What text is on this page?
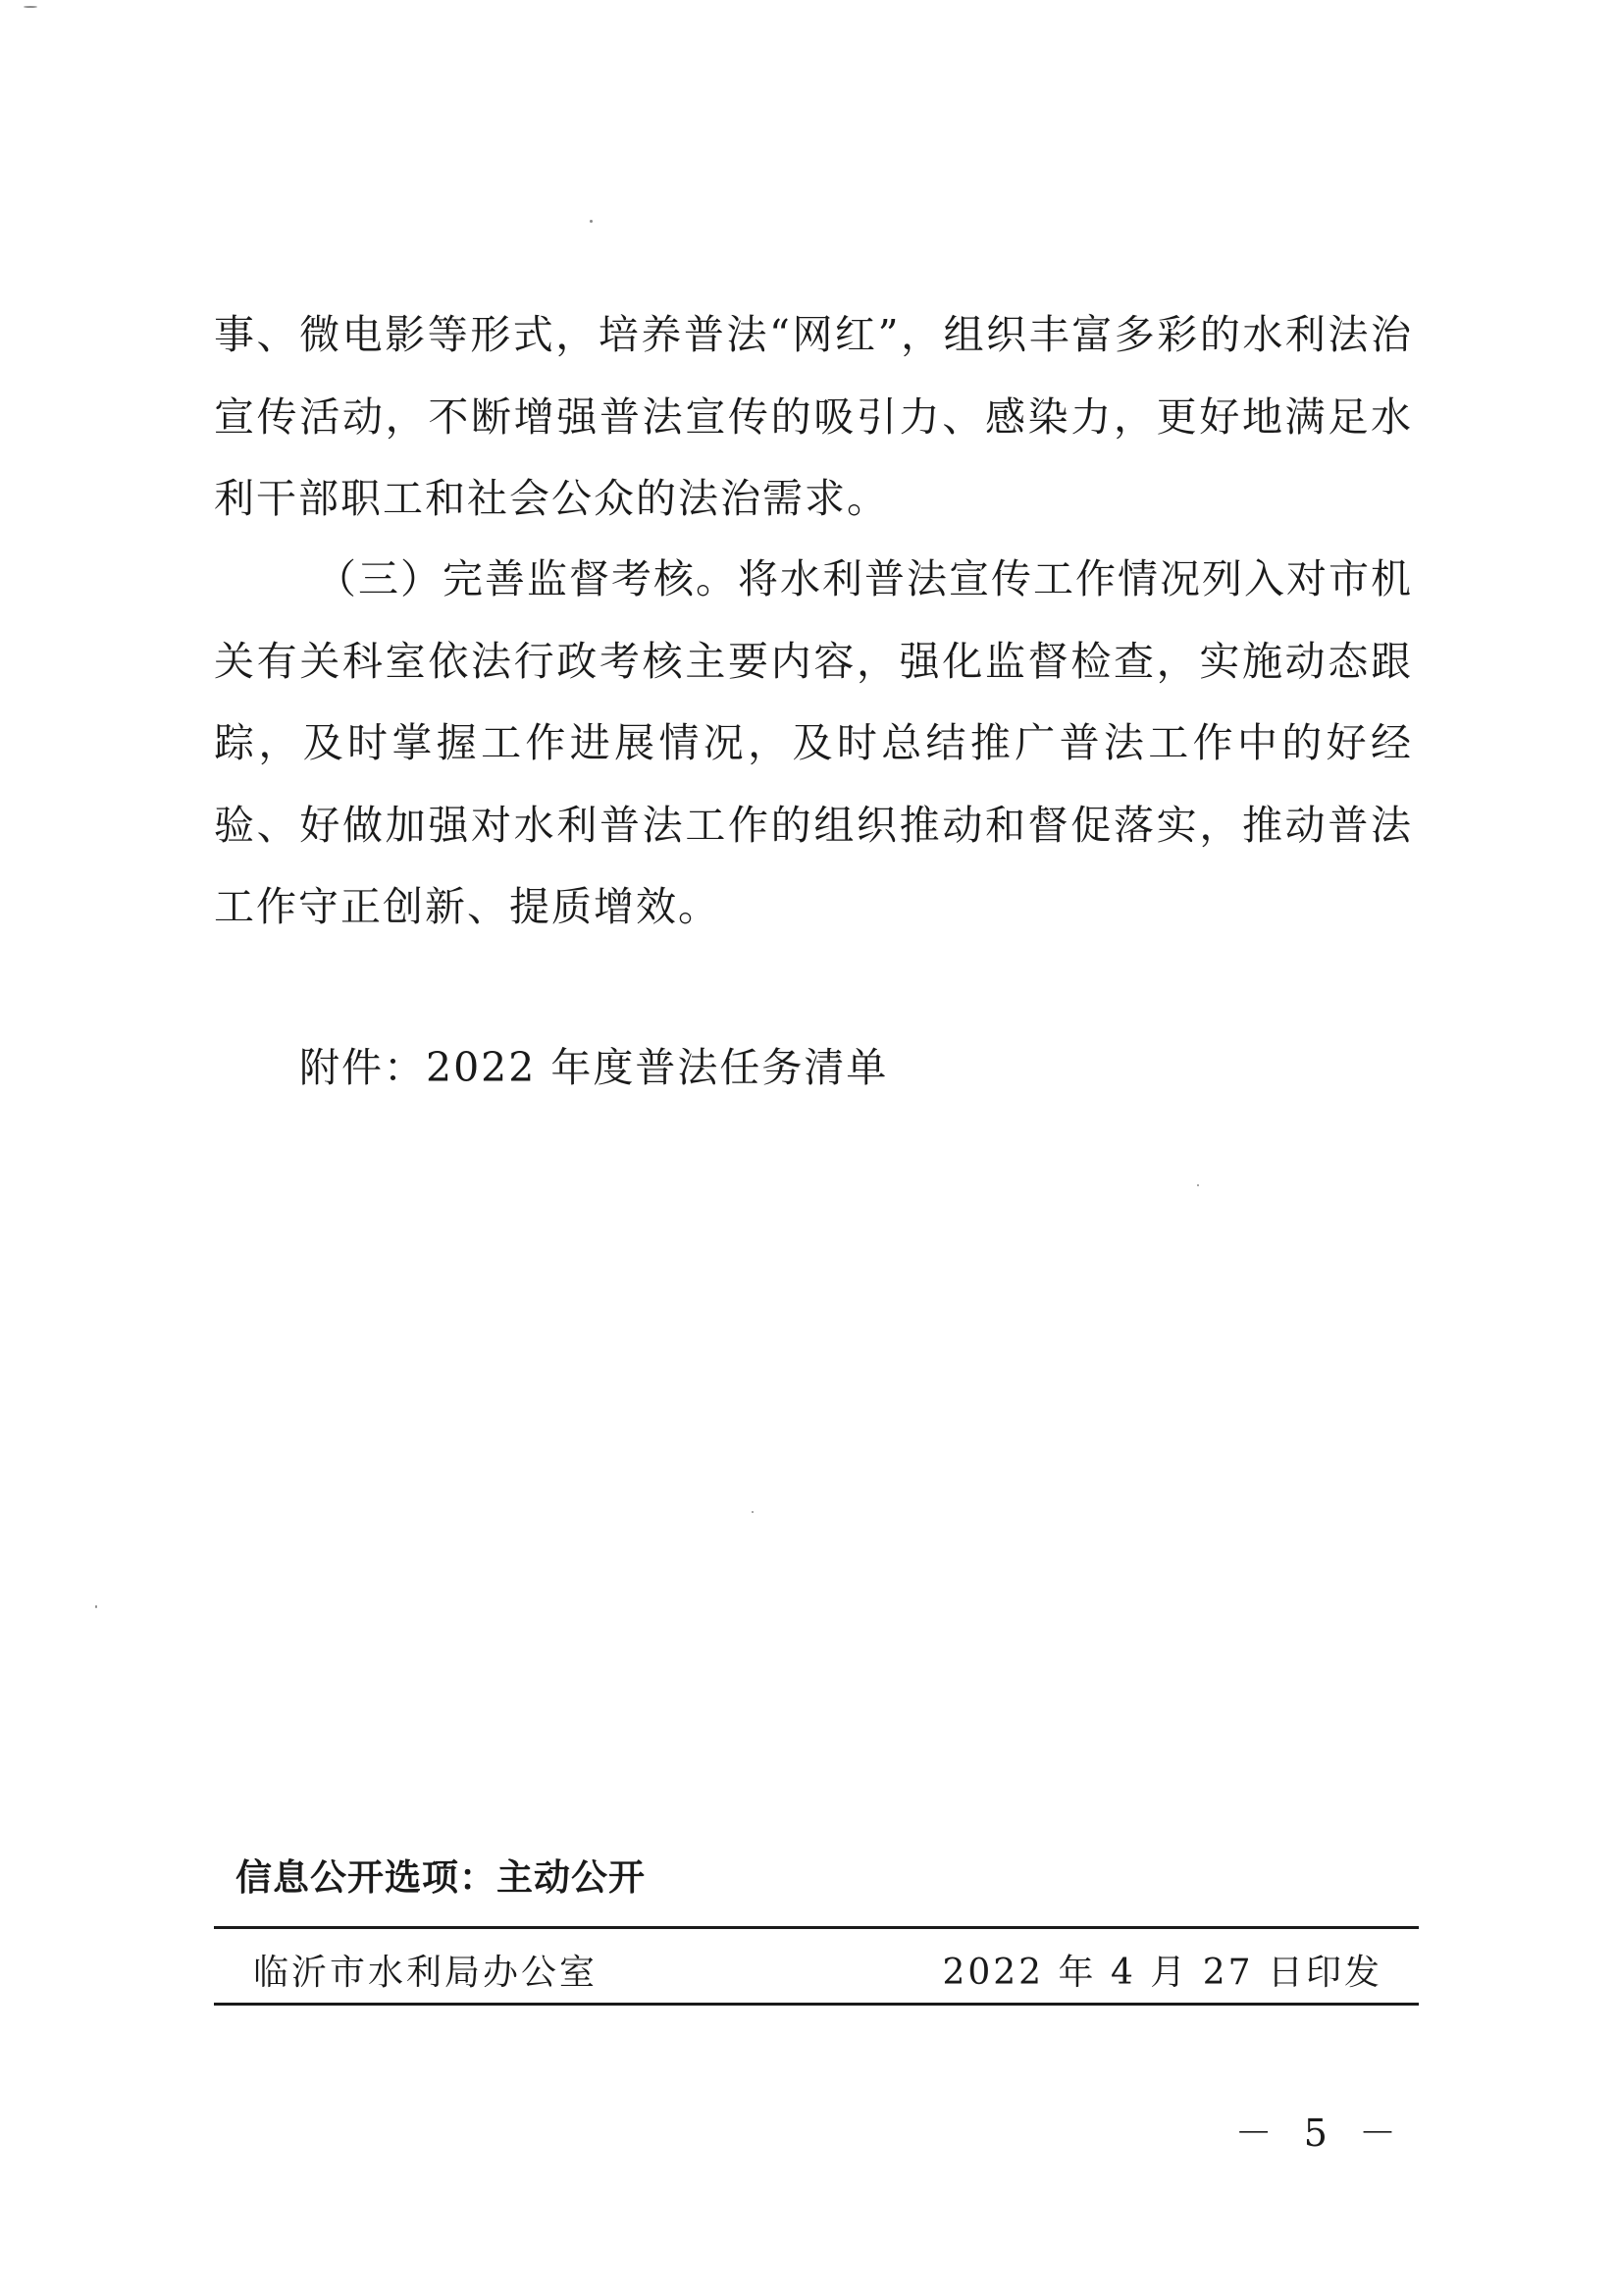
事、微电影等形式，培养普法“网红”，组织丰富多彩的水利法治宣传活动，不断增强普法宣传的吸引力、感染力，更好地满足水利干部职工和社会公众的法治需求。

（三）完善监督考核。将水利普法宣传工作情况列入对市机关有关科室依法行政考核主要内容，强化监督检查，实施动态跟踪，及时掌握工作进展情况，及时总结推广普法工作中的好经验、好做加强对水利普法工作的组织推动和督促落实，推动普法工作守正创新、提质增效。

附件：2022 年度普法任务清单
信息公开选项：主动公开
临沂市水利局办公室	2022 年 4 月 27 日印发
－ 5 －
